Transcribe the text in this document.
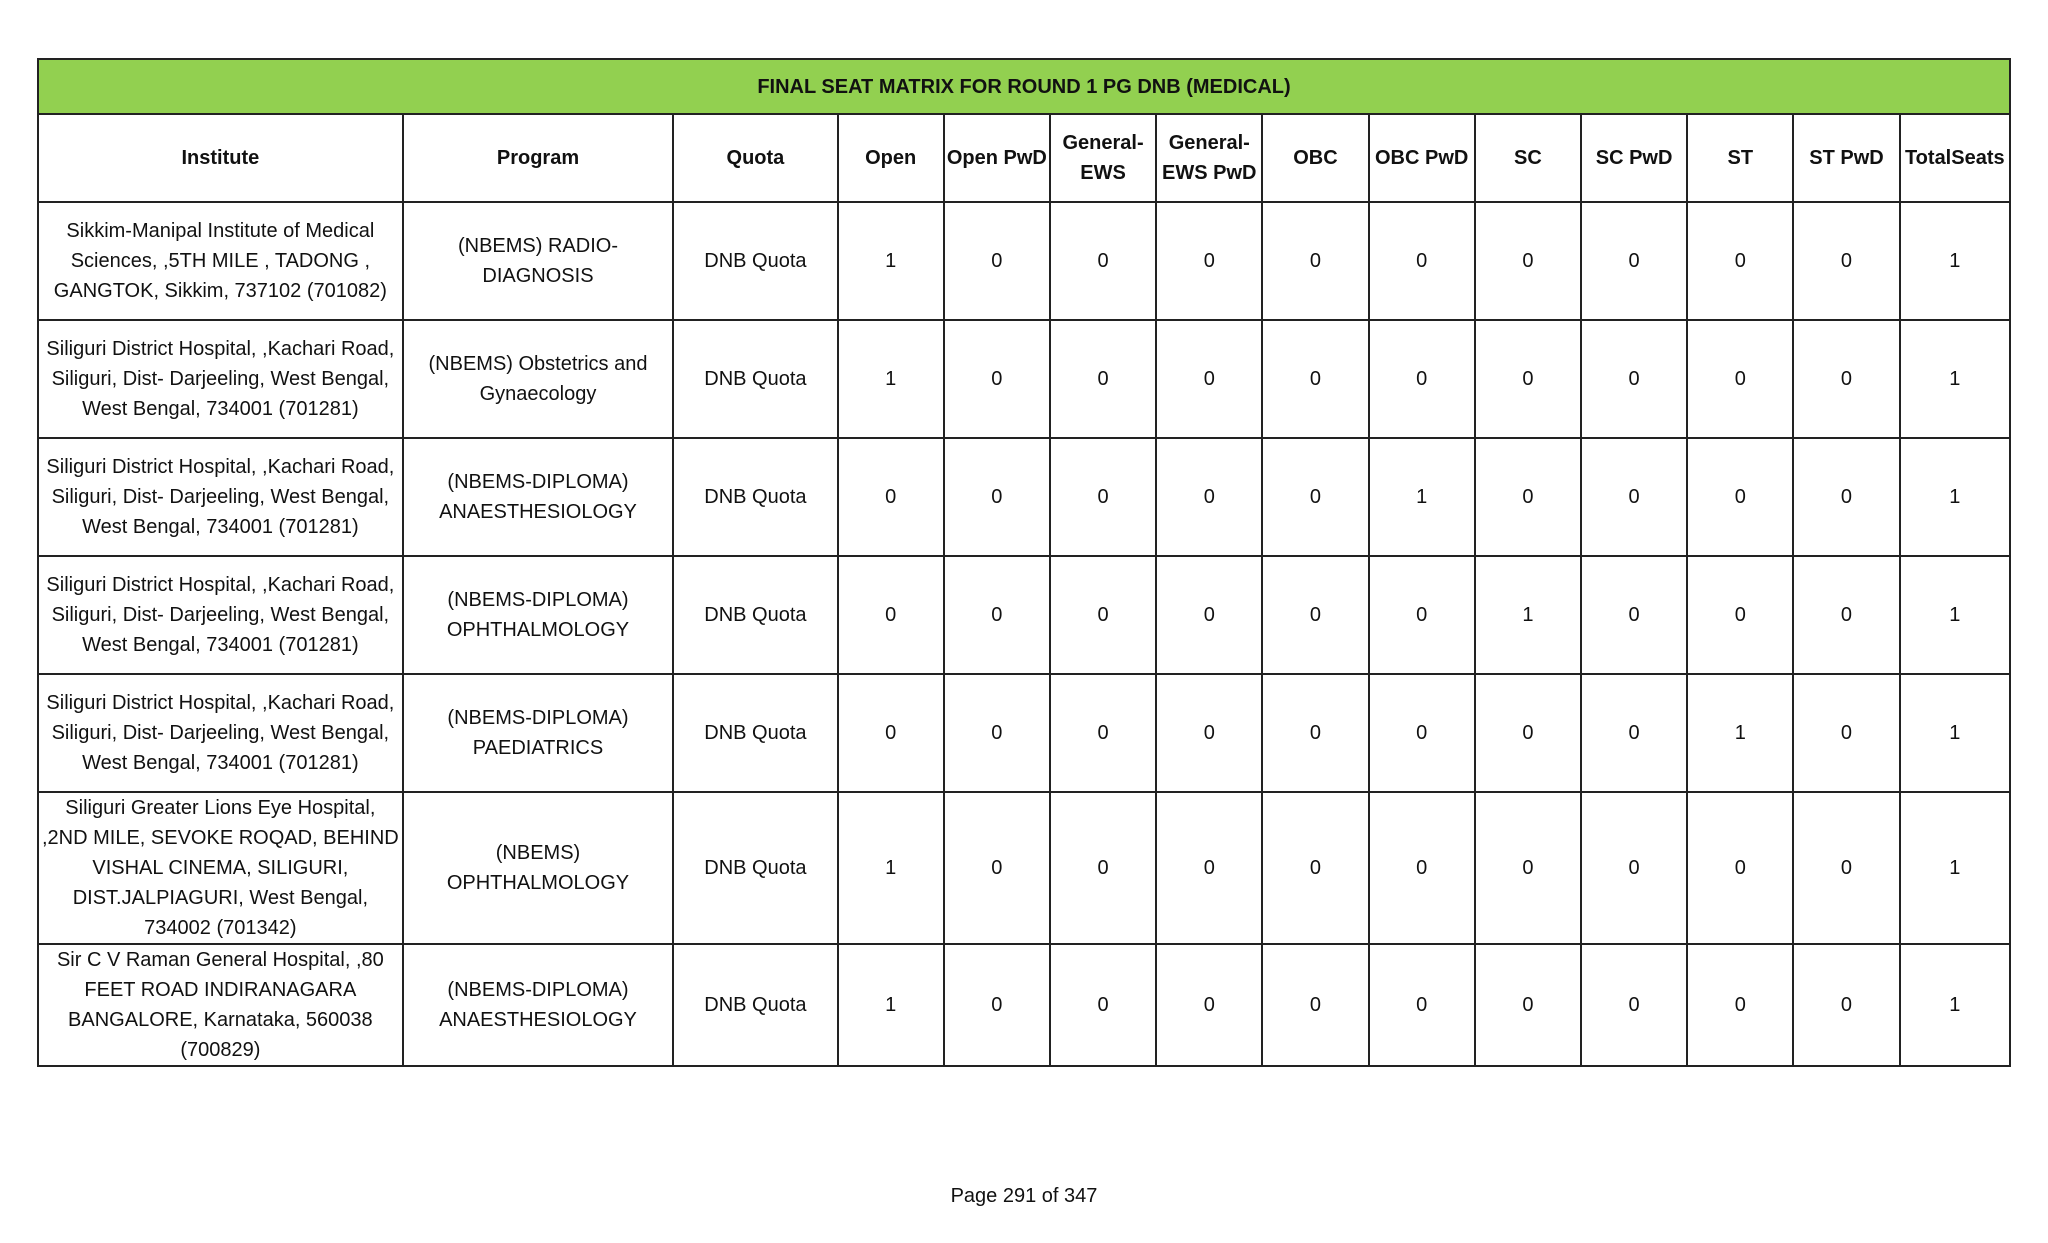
FINAL SEAT MATRIX FOR ROUND 1 PG DNB (MEDICAL)													
Institute	Program	Quota	Open	Open PwD	General-EWS	General-EWS PwD	OBC	OBC PwD	SC	SC PwD	ST	ST PwD	TotalSeats
Sikkim-Manipal Institute of Medical Sciences, ,5TH MILE , TADONG , GANGTOK, Sikkim, 737102 (701082)	(NBEMS) RADIO-DIAGNOSIS	DNB Quota	1	0	0	0	0	0	0	0	0	0	1
Siliguri District Hospital, ,Kachari Road, Siliguri, Dist- Darjeeling, West Bengal, West Bengal, 734001 (701281)	(NBEMS) Obstetrics and Gynaecology	DNB Quota	1	0	0	0	0	0	0	0	0	0	1
Siliguri District Hospital, ,Kachari Road, Siliguri, Dist- Darjeeling, West Bengal, West Bengal, 734001 (701281)	(NBEMS-DIPLOMA) ANAESTHESIOLOGY	DNB Quota	0	0	0	0	0	1	0	0	0	0	1
Siliguri District Hospital, ,Kachari Road, Siliguri, Dist- Darjeeling, West Bengal, West Bengal, 734001 (701281)	(NBEMS-DIPLOMA) OPHTHALMOLOGY	DNB Quota	0	0	0	0	0	0	1	0	0	0	1
Siliguri District Hospital, ,Kachari Road, Siliguri, Dist- Darjeeling, West Bengal, West Bengal, 734001 (701281)	(NBEMS-DIPLOMA) PAEDIATRICS	DNB Quota	0	0	0	0	0	0	0	0	1	0	1
Siliguri Greater Lions Eye Hospital, ,2ND MILE, SEVOKE ROQAD, BEHIND VISHAL CINEMA, SILIGURI, DIST.JALPIAGURI, West Bengal, 734002 (701342)	(NBEMS) OPHTHALMOLOGY	DNB Quota	1	0	0	0	0	0	0	0	0	0	1
Sir C V Raman General Hospital, ,80 FEET ROAD INDIRANAGARA BANGALORE, Karnataka, 560038 (700829)	(NBEMS-DIPLOMA) ANAESTHESIOLOGY	DNB Quota	1	0	0	0	0	0	0	0	0	0	1
Page 291 of 347
